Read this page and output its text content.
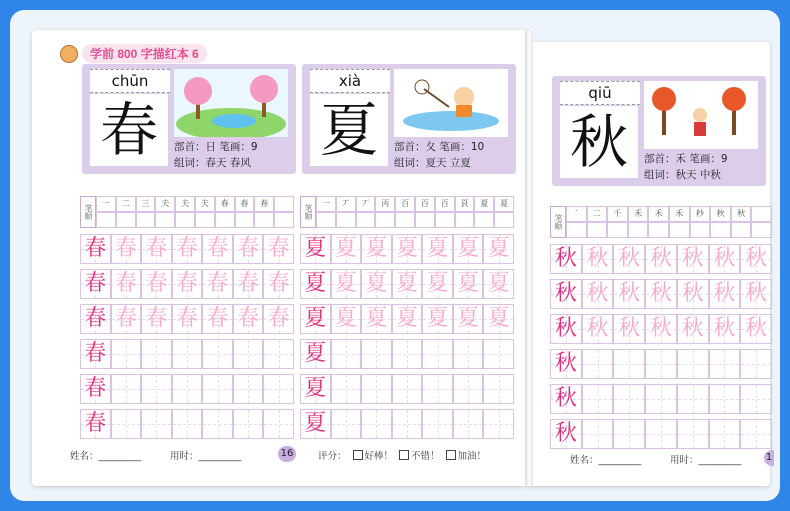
学前 800 字描红本 6
chūn
春	部首：日 笔画：9
组词：春天 春风
xià
夏	部首：夂 笔画：10
组词：夏天 立夏
qiū
秋	部首：禾 笔画：9
组词：秋天 中秋
笔顺
一	二	三	夫	夫	夫	春	春	春
春 春 春 春 春 春 春
春 春 春 春 春 春 春
春 春 春 春 春 春 春
春
春
春
笔顺
一	丆	丆	丙	百	百	百	頁	夏	夏
夏 夏 夏 夏 夏 夏 夏
夏 夏 夏 夏 夏 夏 夏
夏 夏 夏 夏 夏 夏 夏
夏
夏
夏
笔顺
′	二	千	禾	禾	禾	秒	秋	秋
秋 秋 秋 秋 秋 秋 秋
秋 秋 秋 秋 秋 秋 秋
秋 秋 秋 秋 秋 秋 秋
秋
秋
秋
姓名：_________	用时：_________	16	评分： 好棒！ 不错！ 加油！	姓名：_________	用时：_________ 1
